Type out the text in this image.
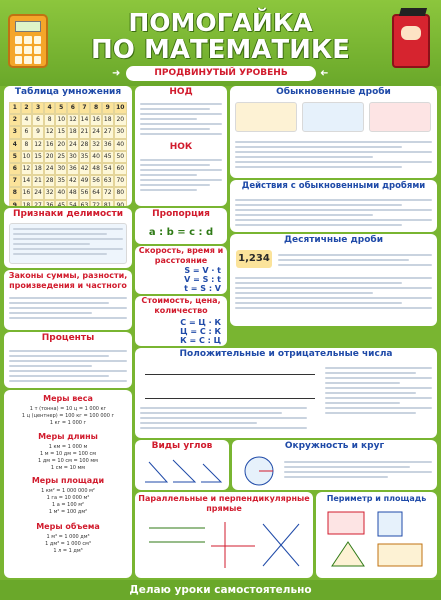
ПОМОГАЙКА
ПО МАТЕМАТИКЕ
➜	ПРОДВИНУТЫЙ УРОВЕНЬ	➜
Таблица умножения
1	2	3	4	5	6	7	8	9	10
2	4	6	8 10 12 14 16 18 20
3	6	9 12 15 18 21 24 27 30
4	8 12 16 20 24 28 32 36 40
5 10 15 20 25 30 35 40 45 50
6 12 18 24 30 36 42 48 54 60
7 14 21 28 35 42 49 56 63 70
8 16 24 32 40 48 56 64 72 80
9 18 27 36 45 54 63 72 81 90
НОД
НОК
Обыкновенные дроби
Действия с обыкновенными дробями
Десятичные дроби
1,234
Признаки делимости	Пропорция
a : b = c : d
Законы суммы, разности, произведения и частного
Скорость, время и расстояние
S = V · t
V = S : t
t = S : V
Стоимость, цена, количество
С = Ц · К
Ц = С : К
К = С : Ц
Проценты
Положительные и отрицательные числа
Меры веса
1 т (тонна) = 10 ц = 1 000 кг
1 ц (центнер) = 100 кг = 100 000 г
1 кг = 1 000 г
Меры длины
1 км = 1 000 м
1 м = 10 дм = 100 см
1 дм = 10 см = 100 мм
1 см = 10 мм
Меры площади
1 км² = 1 000 000 м²
1 га = 10 000 м²
1 а = 100 м²
1 м² = 100 дм²
Меры объема
1 м³ = 1 000 дм³
1 дм³ = 1 000 см³
1 л = 1 дм³
Виды углов
Параллельные и перпендикулярные прямые
Окружность и круг
Периметр и площадь
Делаю уроки самостоятельно
